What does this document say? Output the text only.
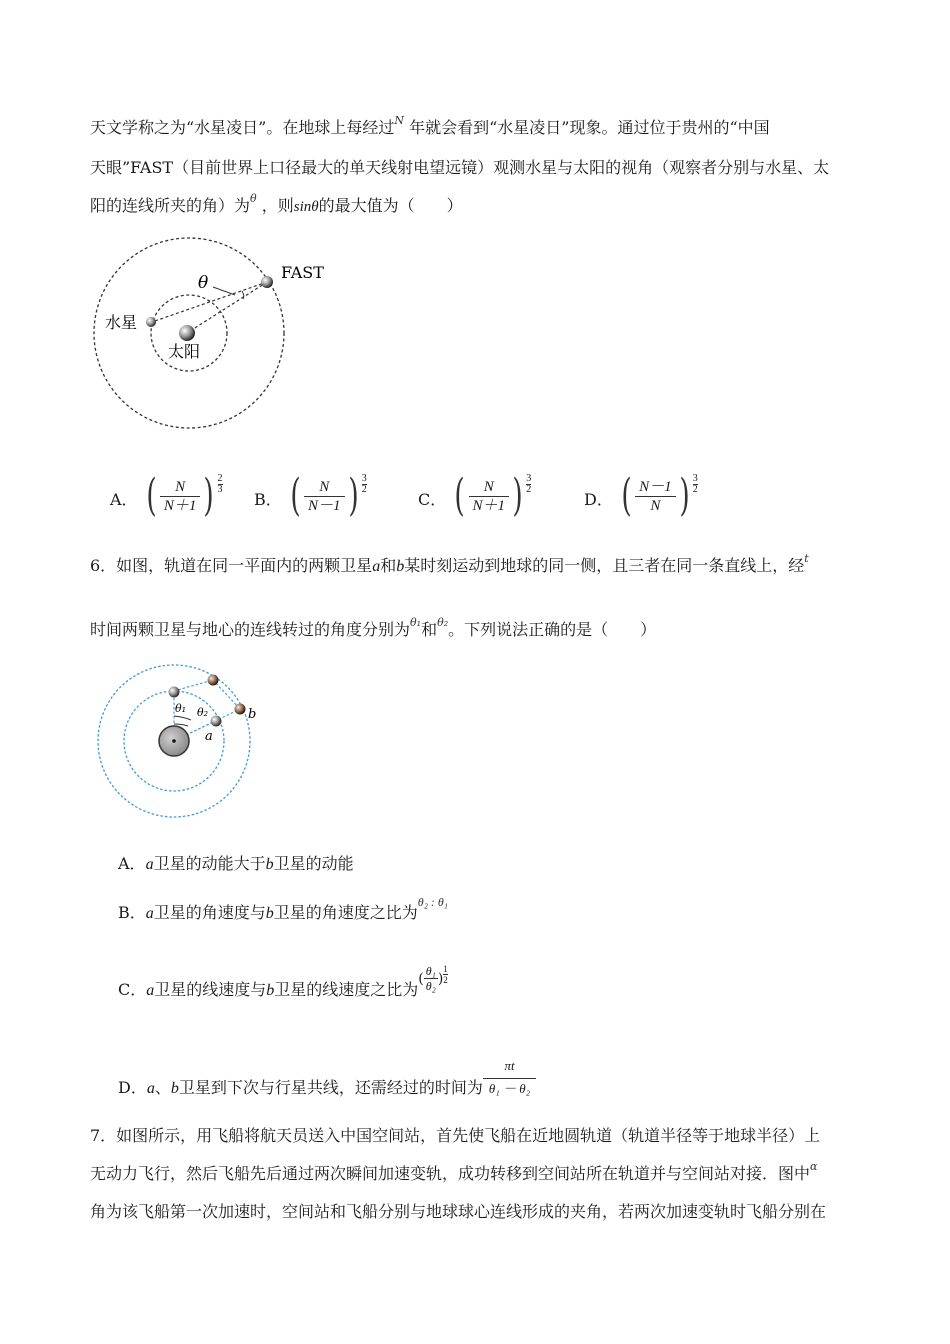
天文学称之为“水星凌日”。在地球上每经过$^N$ 年就会看到“水星凌日”现象。通过位于贵州的“中国
天眼”FAST（目前世界上口径最大的单天线射电望远镜）观测水星与太阳的视角（观察者分别与水星、太
阳的连线所夹的角）为$^\theta$ ，则sinθ的最大值为（　　）
θ
FAST
水星
太阳
A． ( $\frac{N}{N+1}$ ) $\frac{2}{3}$
B． ( $\frac{N}{N-1}$ ) $\frac{3}{2}$
C． ( $\frac{N}{N+1}$ ) $\frac{3}{2}$
D． ( $\frac{N-1}{N}$ ) $\frac{3}{2}$
6．如图，轨道在同一平面内的两颗卫星a和b某时刻运动到地球的同一侧，且三者在同一条直线上，经$^t$
时间两颗卫星与地心的连线转过的角度分别为$^{\theta_1}$和$^{\theta_2}$。下列说法正确的是（　　）
θ₁ θ₂
a
b
A．a卫星的动能大于b卫星的动能
B．a卫星的角速度与b卫星的角速度之比为$^{\theta_2 : \theta_1}$
C．a卫星的线速度与b卫星的线速度之比为( $\frac{\text{θ₁}}{\text{θ₂}}$ ) $\frac{1}{2}$
D．a、b卫星到下次与行星共线，还需经过的时间为 $\frac{\pi t}{\text{θ₁ － θ₂}}$
7．如图所示，用飞船将航天员送入中国空间站，首先使飞船在近地圆轨道（轨道半径等于地球半径）上
无动力飞行，然后飞船先后通过两次瞬间加速变轨，成功转移到空间站所在轨道并与空间站对接．图中$^\alpha$
角为该飞船第一次加速时，空间站和飞船分别与地球球心连线形成的夹角，若两次加速变轨时飞船分别在
